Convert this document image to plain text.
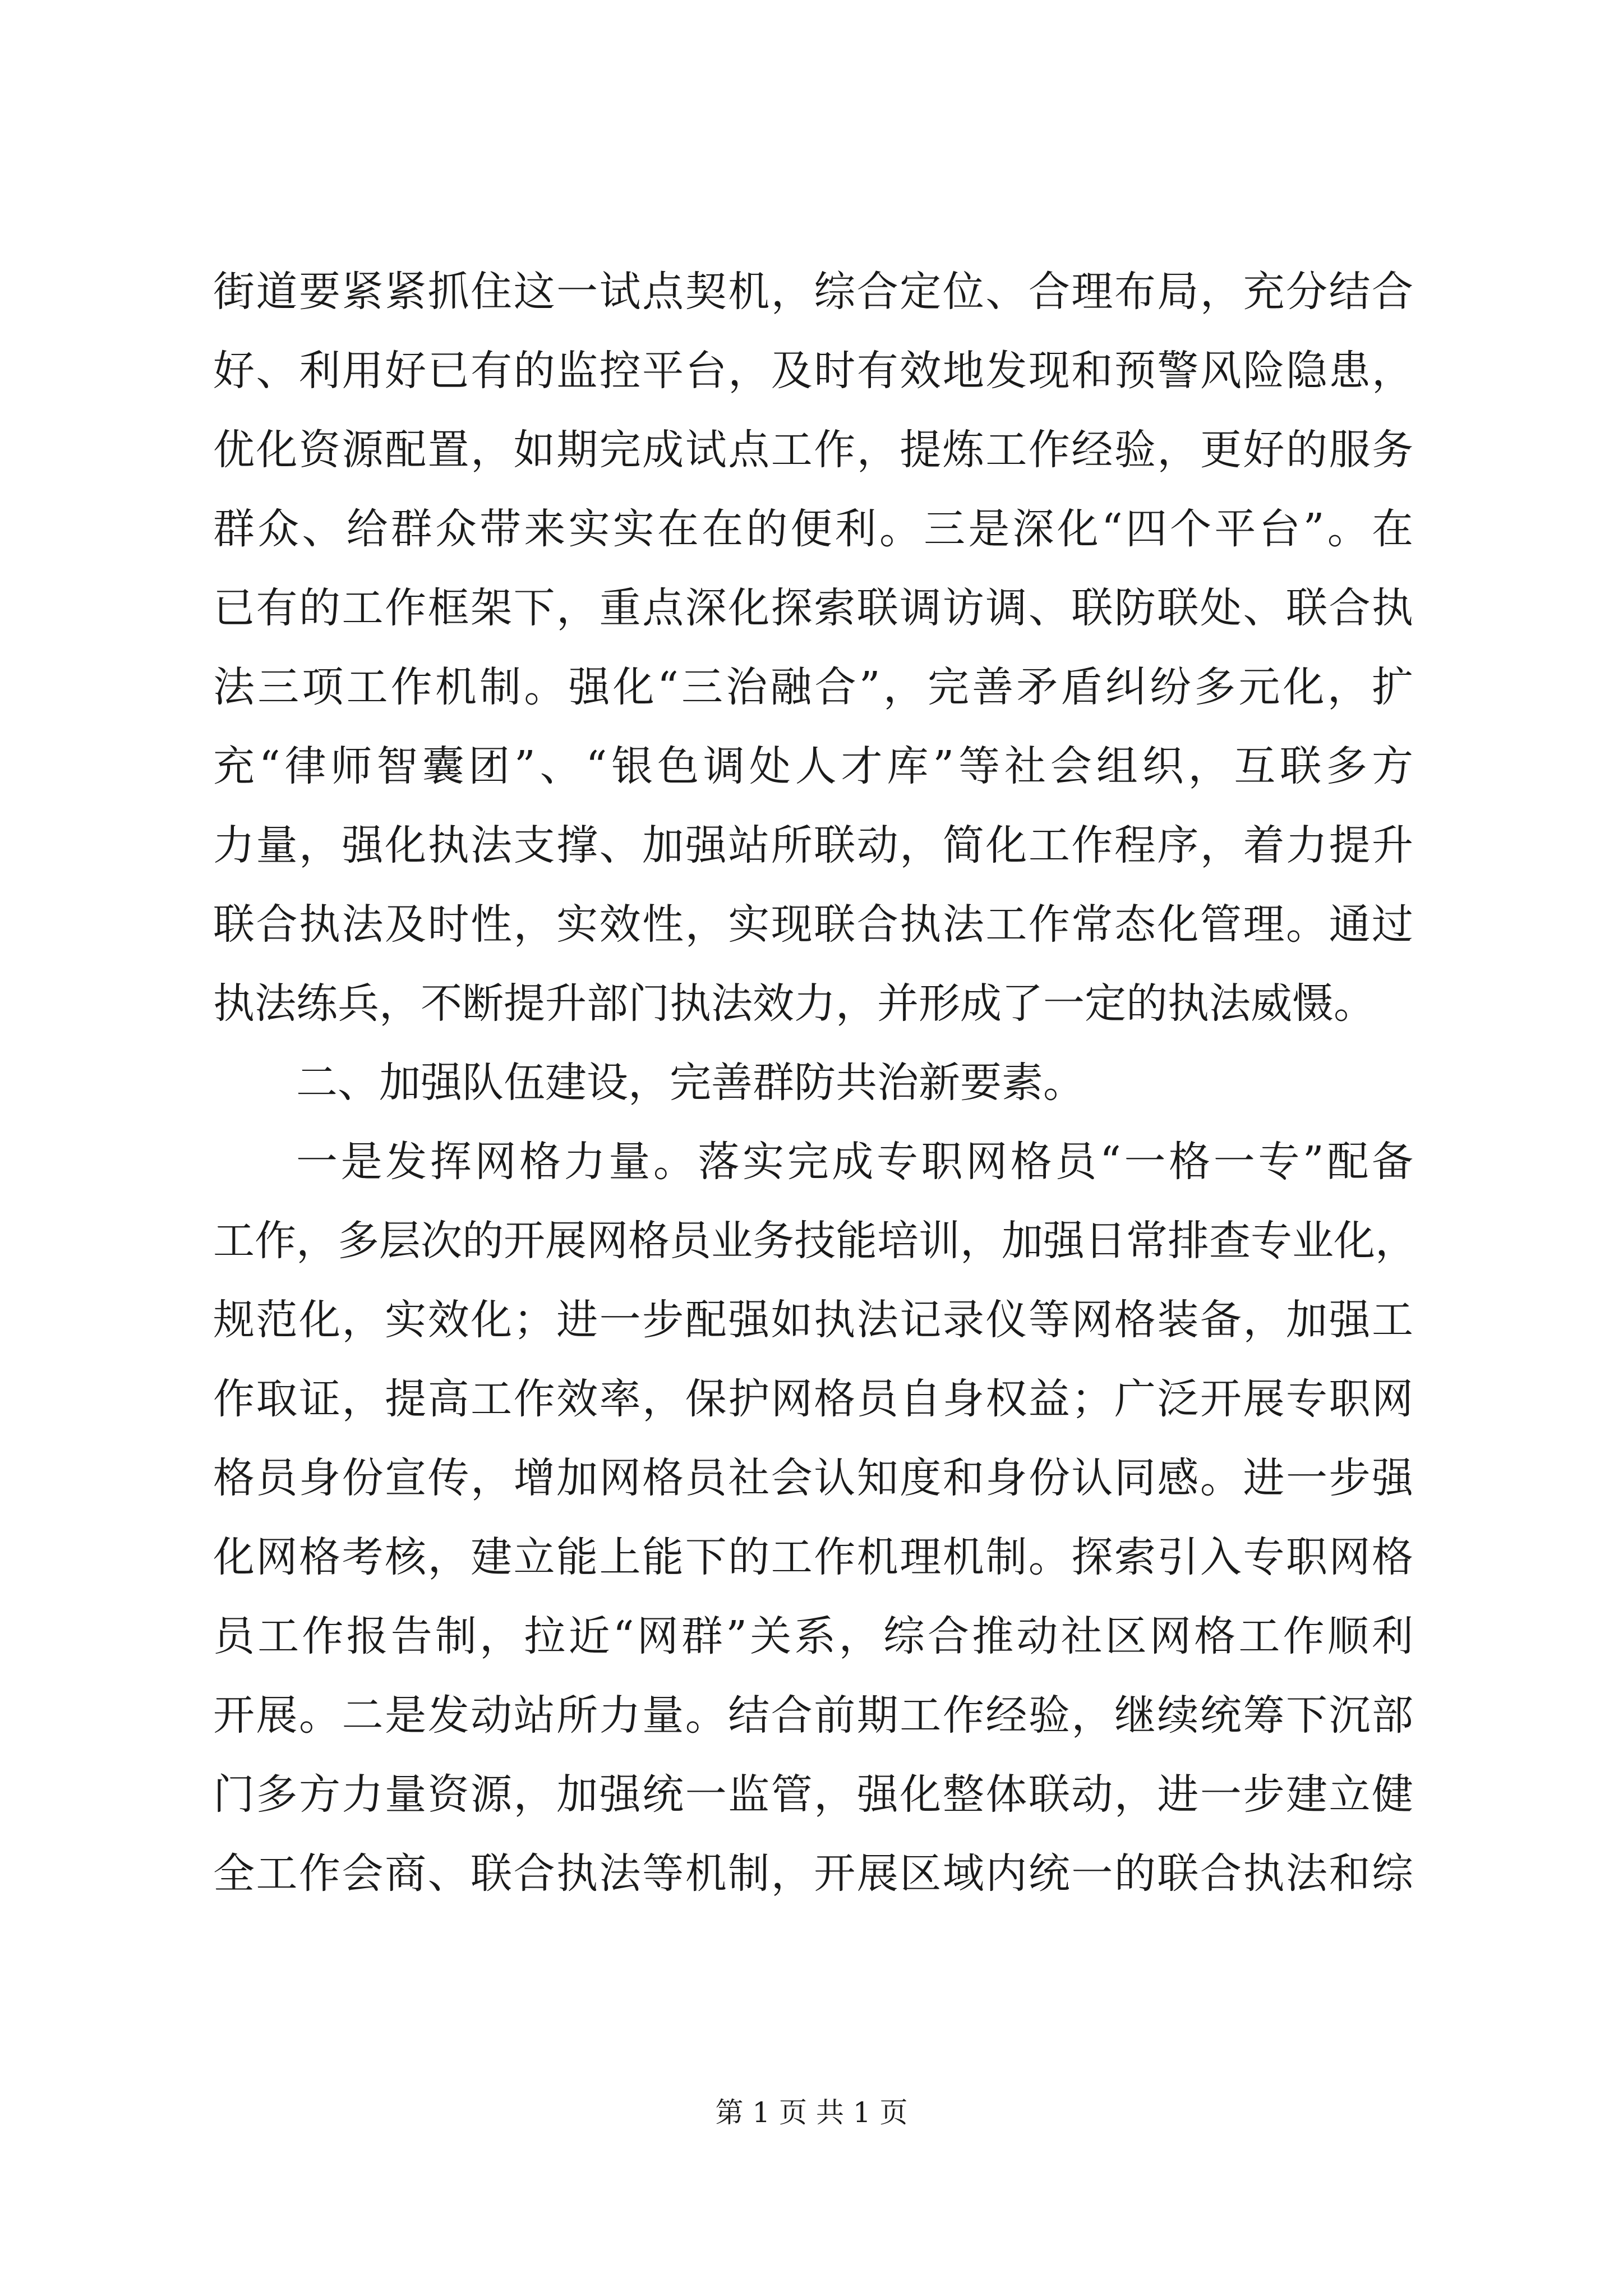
街道要紧紧抓住这一试点契机，综合定位、合理布局，充分结合
好、利用好已有的监控平台，及时有效地发现和预警风险隐患，
优化资源配置，如期完成试点工作，提炼工作经验，更好的服务
群众、给群众带来实实在在的便利。三是深化“四个平台”。在
已有的工作框架下，重点深化探索联调访调、联防联处、联合执
法三项工作机制。强化“三治融合”，完善矛盾纠纷多元化，扩
充“律师智囊团”、“银色调处人才库”等社会组织，互联多方
力量，强化执法支撑、加强站所联动，简化工作程序，着力提升
联合执法及时性，实效性，实现联合执法工作常态化管理。通过
执法练兵，不断提升部门执法效力，并形成了一定的执法威慑。
二、加强队伍建设，完善群防共治新要素。
一是发挥网格力量。落实完成专职网格员“一格一专”配备
工作，多层次的开展网格员业务技能培训，加强日常排查专业化，
规范化，实效化；进一步配强如执法记录仪等网格装备，加强工
作取证，提高工作效率，保护网格员自身权益；广泛开展专职网
格员身份宣传，增加网格员社会认知度和身份认同感。进一步强
化网格考核，建立能上能下的工作机理机制。探索引入专职网格
员工作报告制，拉近“网群”关系，综合推动社区网格工作顺利
开展。二是发动站所力量。结合前期工作经验，继续统筹下沉部
门多方力量资源，加强统一监管，强化整体联动，进一步建立健
全工作会商、联合执法等机制，开展区域内统一的联合执法和综
第 1 页 共 1 页
